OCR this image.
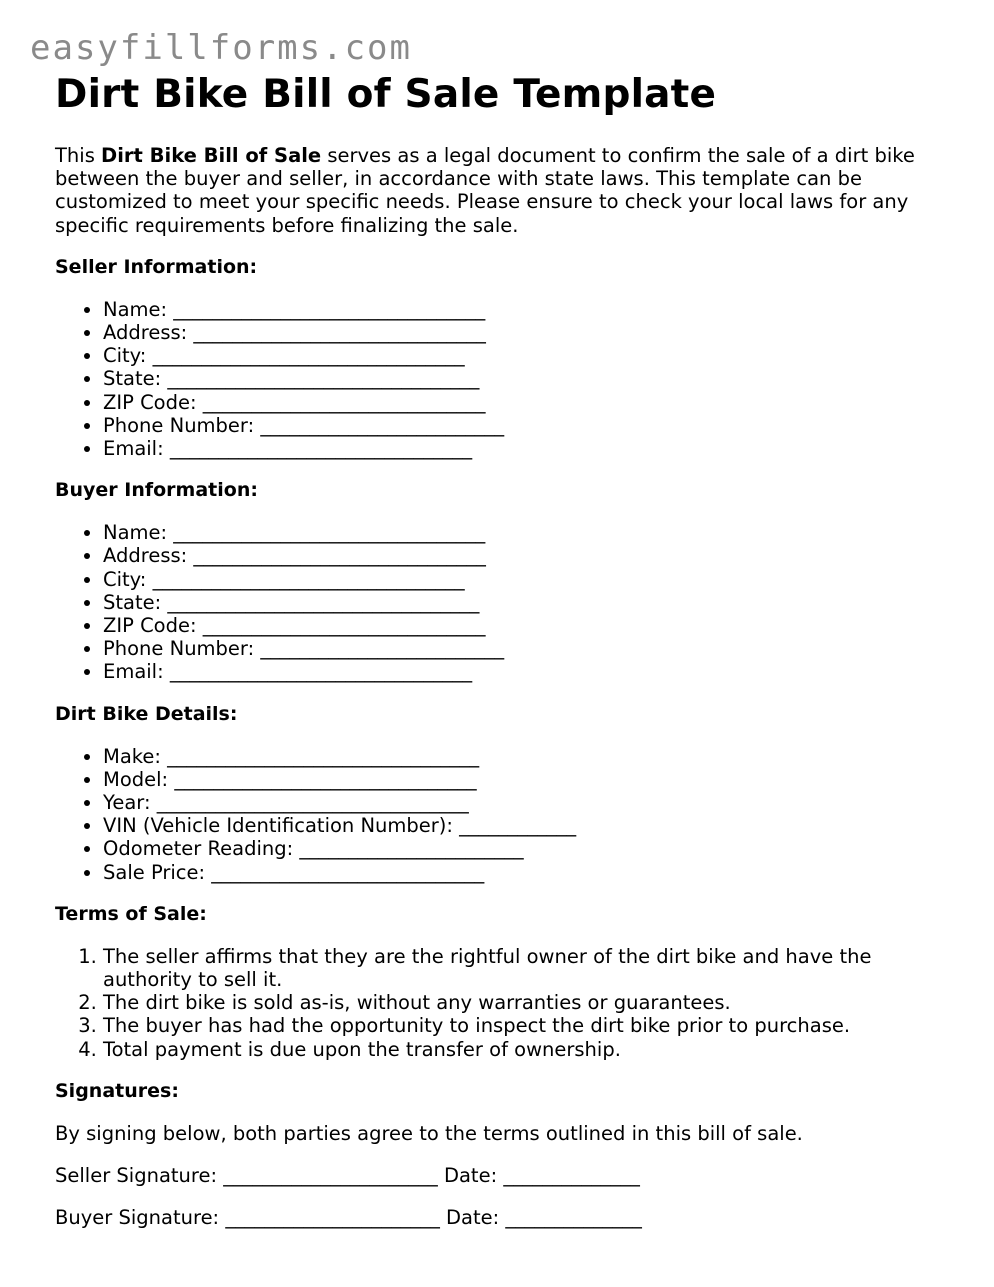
easyfillforms.com
Dirt Bike Bill of Sale Template

This Dirt Bike Bill of Sale serves as a legal document to confirm the sale of a dirt bike between the buyer and seller, in accordance with state laws. This template can be customized to meet your specific needs. Please ensure to check your local laws for any specific requirements before finalizing the sale.

Seller Information:
• Name: ________________________________
• Address: ______________________________
• City: ________________________________
• State: ________________________________
• ZIP Code: _____________________________
• Phone Number: _________________________
• Email: _______________________________
Buyer Information:
• Name: ________________________________
• Address: ______________________________
• City: ________________________________
• State: ________________________________
• ZIP Code: _____________________________
• Phone Number: _________________________
• Email: _______________________________
Dirt Bike Details:
• Make: ________________________________
• Model: _______________________________
• Year: ________________________________
• VIN (Vehicle Identification Number): ____________
• Odometer Reading: _______________________
• Sale Price: ____________________________
Terms of Sale:
1. The seller affirms that they are the rightful owner of the dirt bike and have the authority to sell it.
2. The dirt bike is sold as-is, without any warranties or guarantees.
3. The buyer has had the opportunity to inspect the dirt bike prior to purchase.
4. Total payment is due upon the transfer of ownership.
Signatures:

By signing below, both parties agree to the terms outlined in this bill of sale.

Seller Signature: ______________________ Date: ______________

Buyer Signature: ______________________ Date: ______________
